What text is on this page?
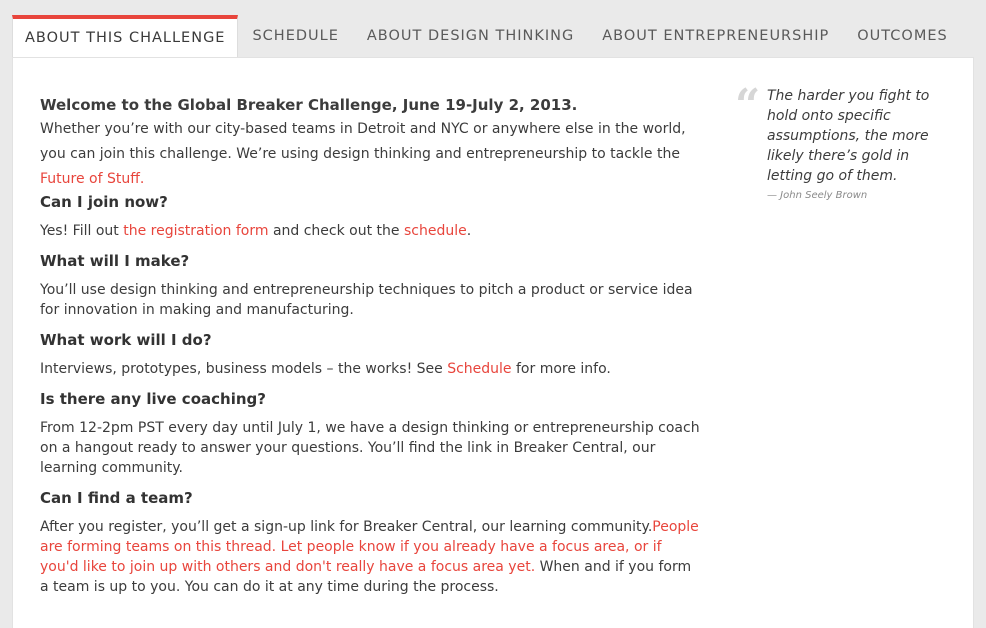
ABOUT THIS CHALLENGE	SCHEDULE	ABOUT DESIGN THINKING	ABOUT ENTREPRENEURSHIP	OUTCOMES

Welcome to the Global Breaker Challenge, June 19-July 2, 2013.

Whether you’re with our city-based teams in Detroit and NYC or anywhere else in the world, you can join this challenge. We’re using design thinking and entrepreneurship to tackle the Future of Stuff.

Can I join now?

Yes! Fill out the registration form and check out the schedule.

What will I make?

You’ll use design thinking and entrepreneurship techniques to pitch a product or service idea for innovation in making and manufacturing.

What work will I do?

Interviews, prototypes, business models – the works! See Schedule for more info.

Is there any live coaching?

From 12-2pm PST every day until July 1, we have a design thinking or entrepreneurship coach on a hangout ready to answer your questions. You’ll find the link in Breaker Central, our learning community.

Can I find a team?

After you register, you’ll get a sign-up link for Breaker Central, our learning community.People are forming teams on this thread. Let people know if you already have a focus area, or if you'd like to join up with others and don't really have a focus area yet. When and if you form a team is up to you. You can do it at any time during the process.

“ The harder you fight to hold onto specific assumptions, the more likely there’s gold in letting go of them.
— John Seely Brown
